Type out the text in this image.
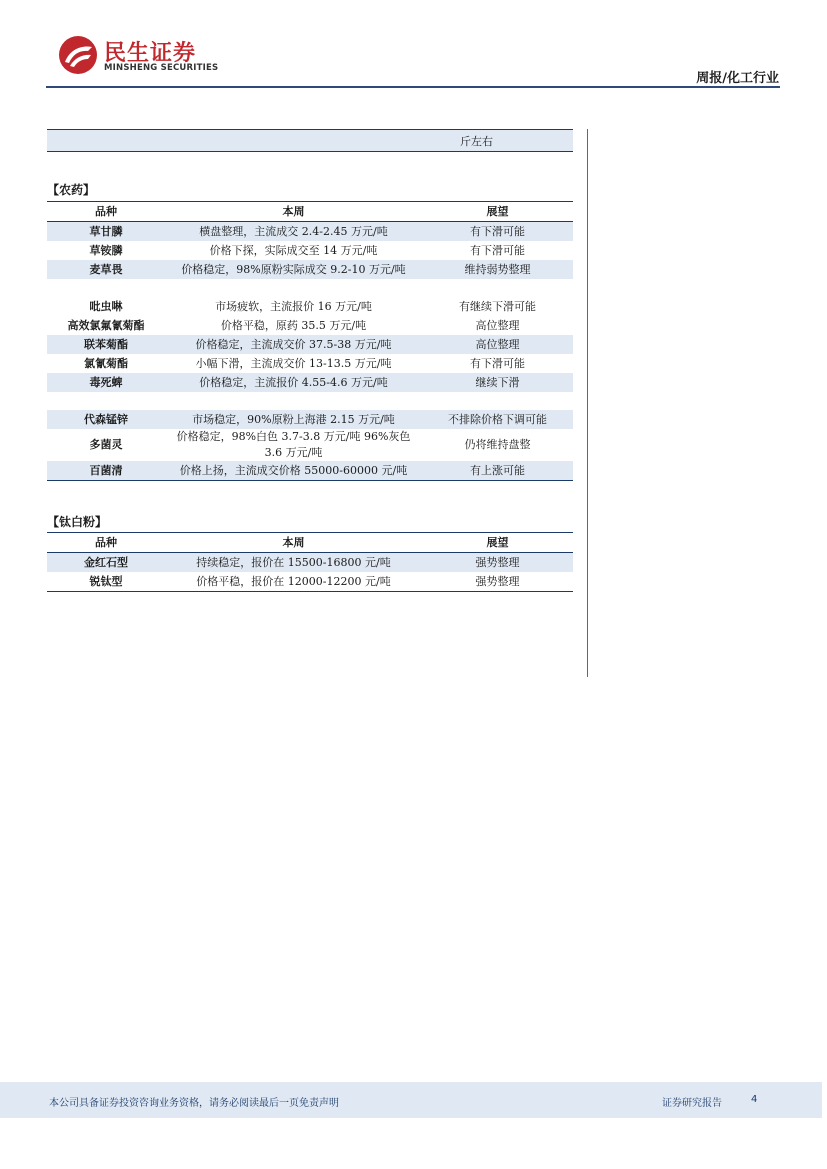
民生证券
MINSHENG SECURITIES
周报/化工行业
斤左右
【农药】
品种	本周	展望
草甘膦	横盘整理，主流成交 2.4-2.45 万元/吨	有下滑可能
草铵膦	价格下探，实际成交至 14 万元/吨	有下滑可能
麦草畏	价格稳定，98%原粉实际成交 9.2-10 万元/吨	维持弱势整理

吡虫啉	市场疲软，主流报价 16 万元/吨	有继续下滑可能
高效氯氟氰菊酯	价格平稳，原药 35.5 万元/吨	高位整理
联苯菊酯	价格稳定，主流成交价 37.5-38 万元/吨	高位整理
氯氰菊酯	小幅下滑，主流成交价 13-13.5 万元/吨	有下滑可能
毒死蜱	价格稳定，主流报价 4.55-4.6 万元/吨	继续下滑

代森锰锌	市场稳定，90%原粉上海港 2.15 万元/吨	不排除价格下调可能
多菌灵	价格稳定，98%白色 3.7-3.8 万元/吨 96%灰色 3.6 万元/吨	仍将维持盘整
百菌清	价格上扬，主流成交价格 55000-60000 元/吨	有上涨可能
【钛白粉】
品种	本周	展望
金红石型	持续稳定，报价在 15500-16800 元/吨	强势整理
锐钛型	价格平稳，报价在 12000-12200 元/吨	强势整理
本公司具备证券投资咨询业务资格，请务必阅读最后一页免责声明	证券研究报告	4
